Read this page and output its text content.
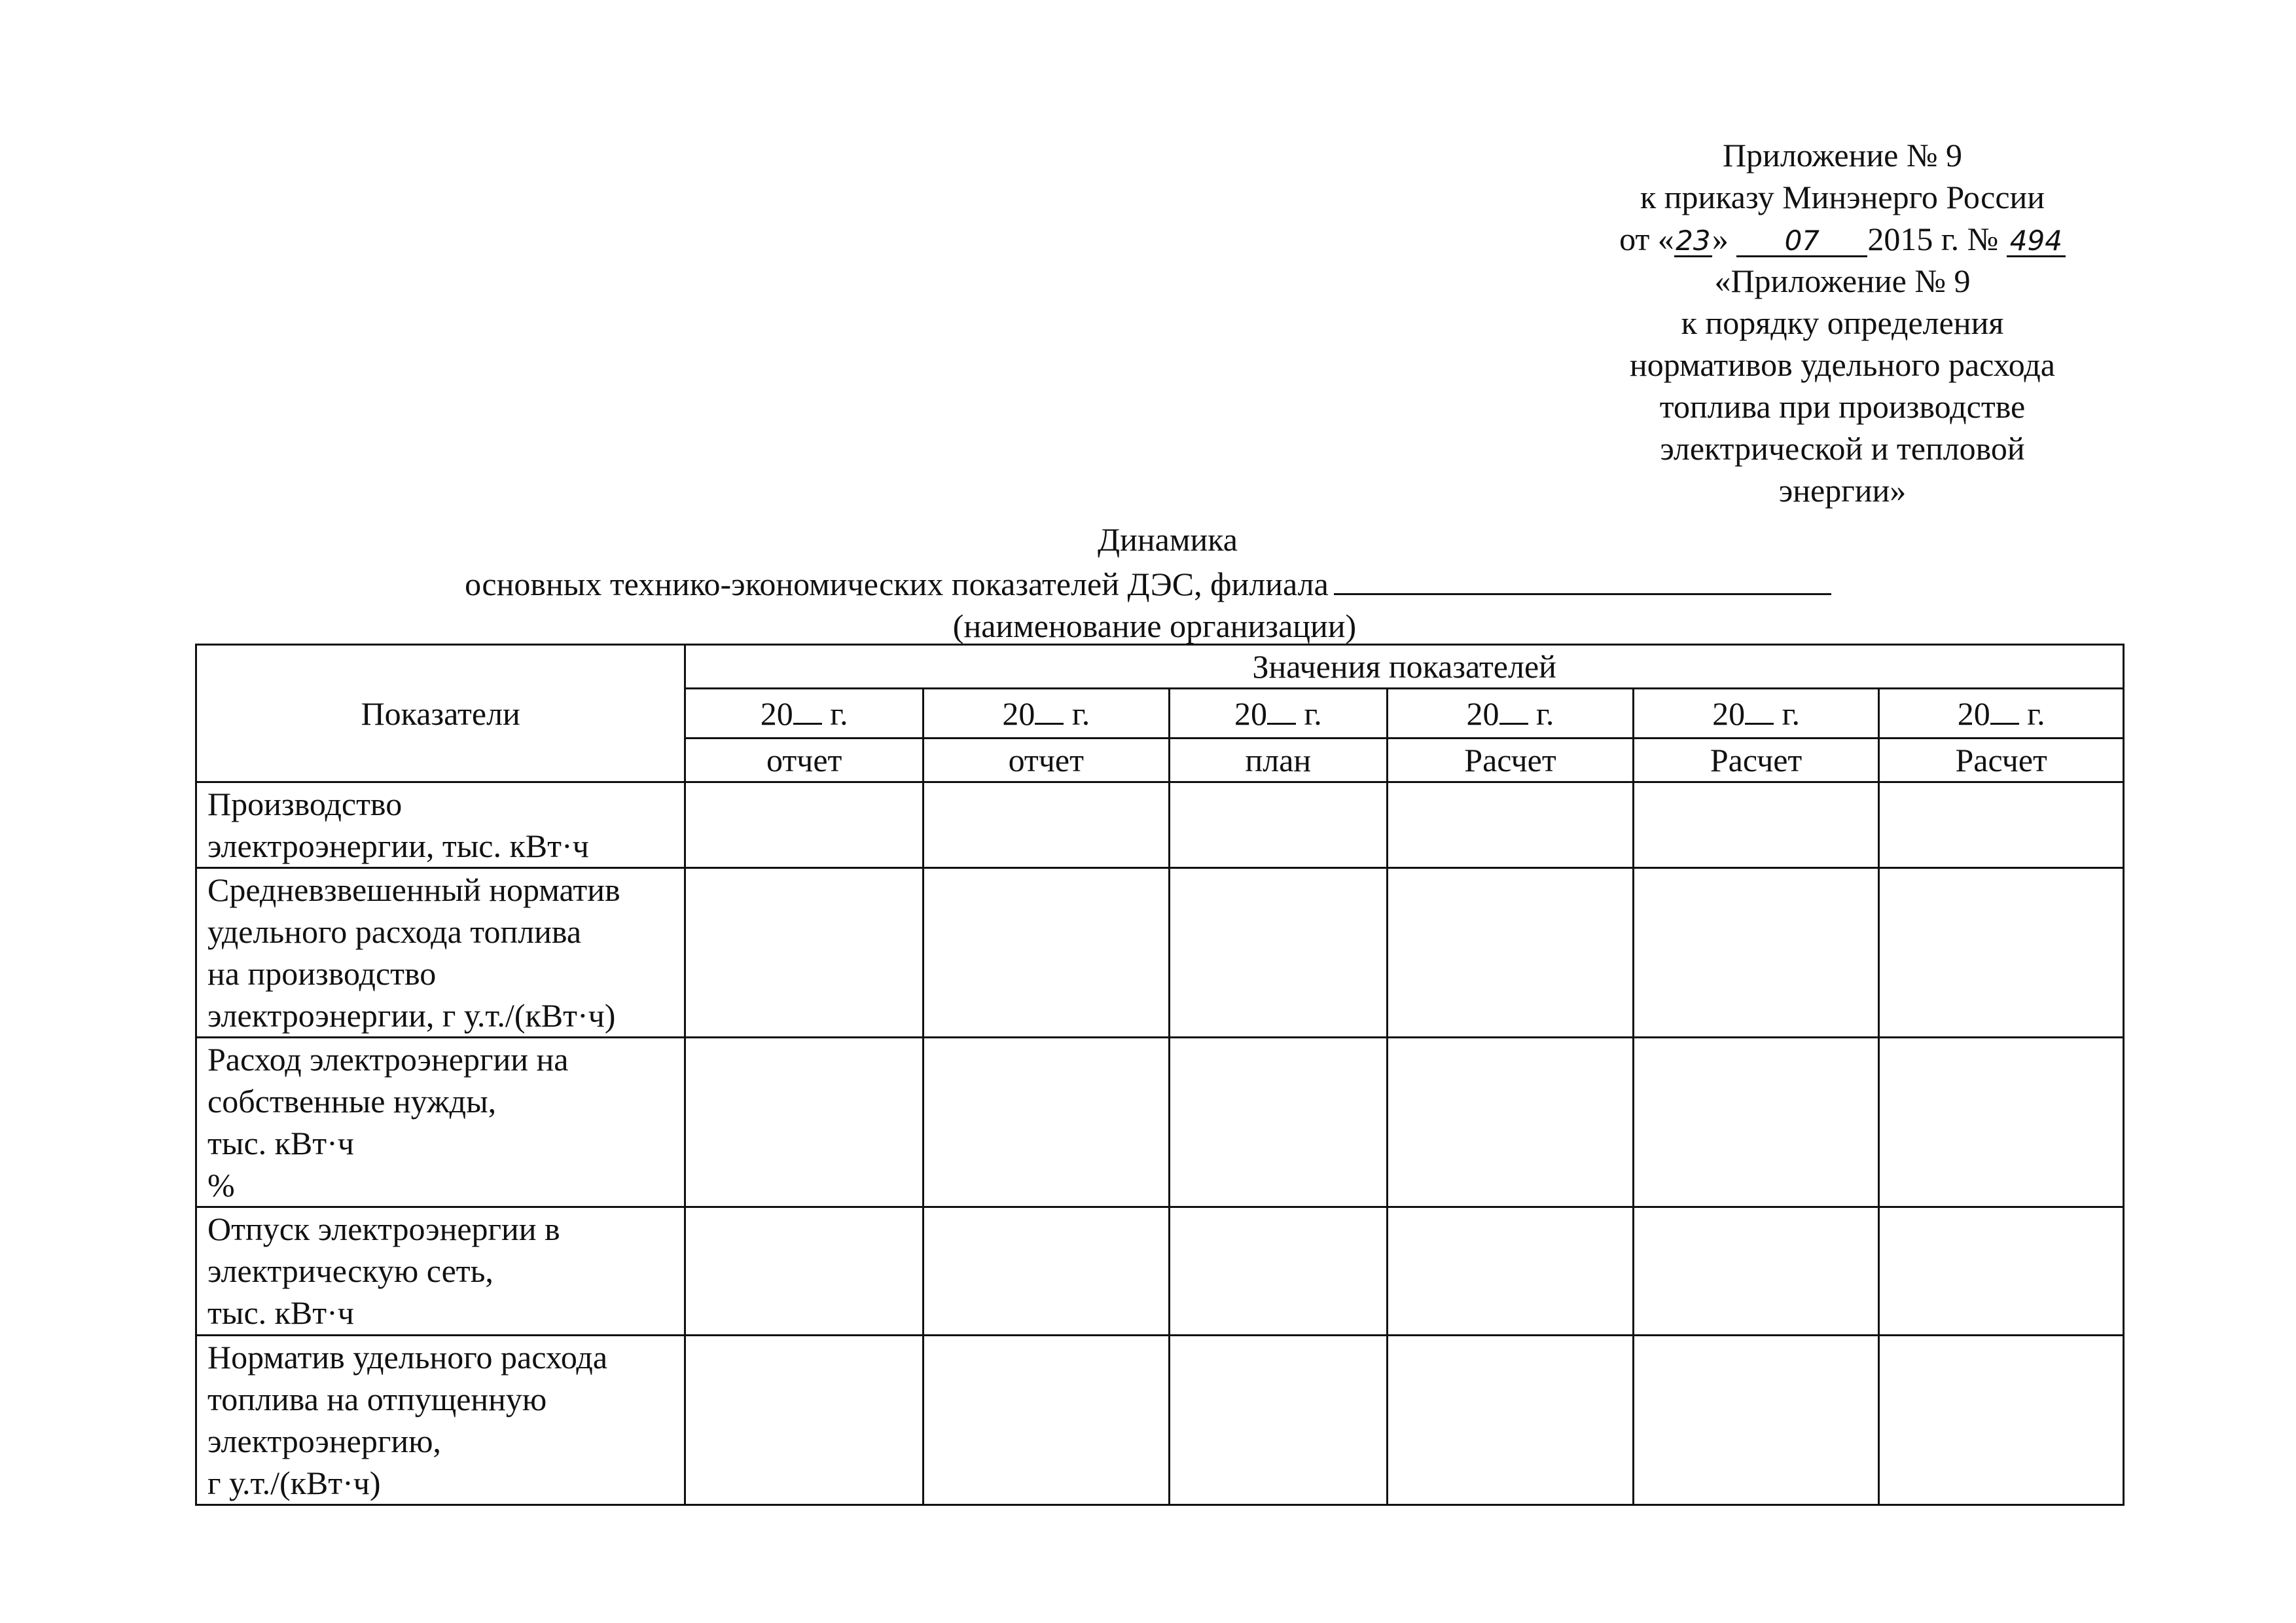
Приложение № 9
к приказу Минэнерго России
от «23» 07 2015 г. № 494
«Приложение № 9
к порядку определения
нормативов удельного расхода
топлива при производстве
электрической и тепловой
энергии»
Динамика
основных технико-экономических показателей ДЭС, филиала
(наименование организации)
Показатели	Значения показателей					
	20 г.	20 г.	20 г.	20 г.	20 г.	20 г.
	отчет	отчет	план	Расчет	Расчет	Расчет

Производство
электроэнергии, тыс. кВт·ч						

Средневзвешенный норматив
удельного расхода топлива
на производство
электроэнергии, г у.т./(кВт·ч)						

Расход электроэнергии на
собственные нужды,
тыс. кВт·ч
%						

Отпуск электроэнергии в
электрическую сеть,
тыс. кВт·ч						

Норматив удельного расхода
топлива на отпущенную
электроэнергию,
г у.т./(кВт·ч)						
